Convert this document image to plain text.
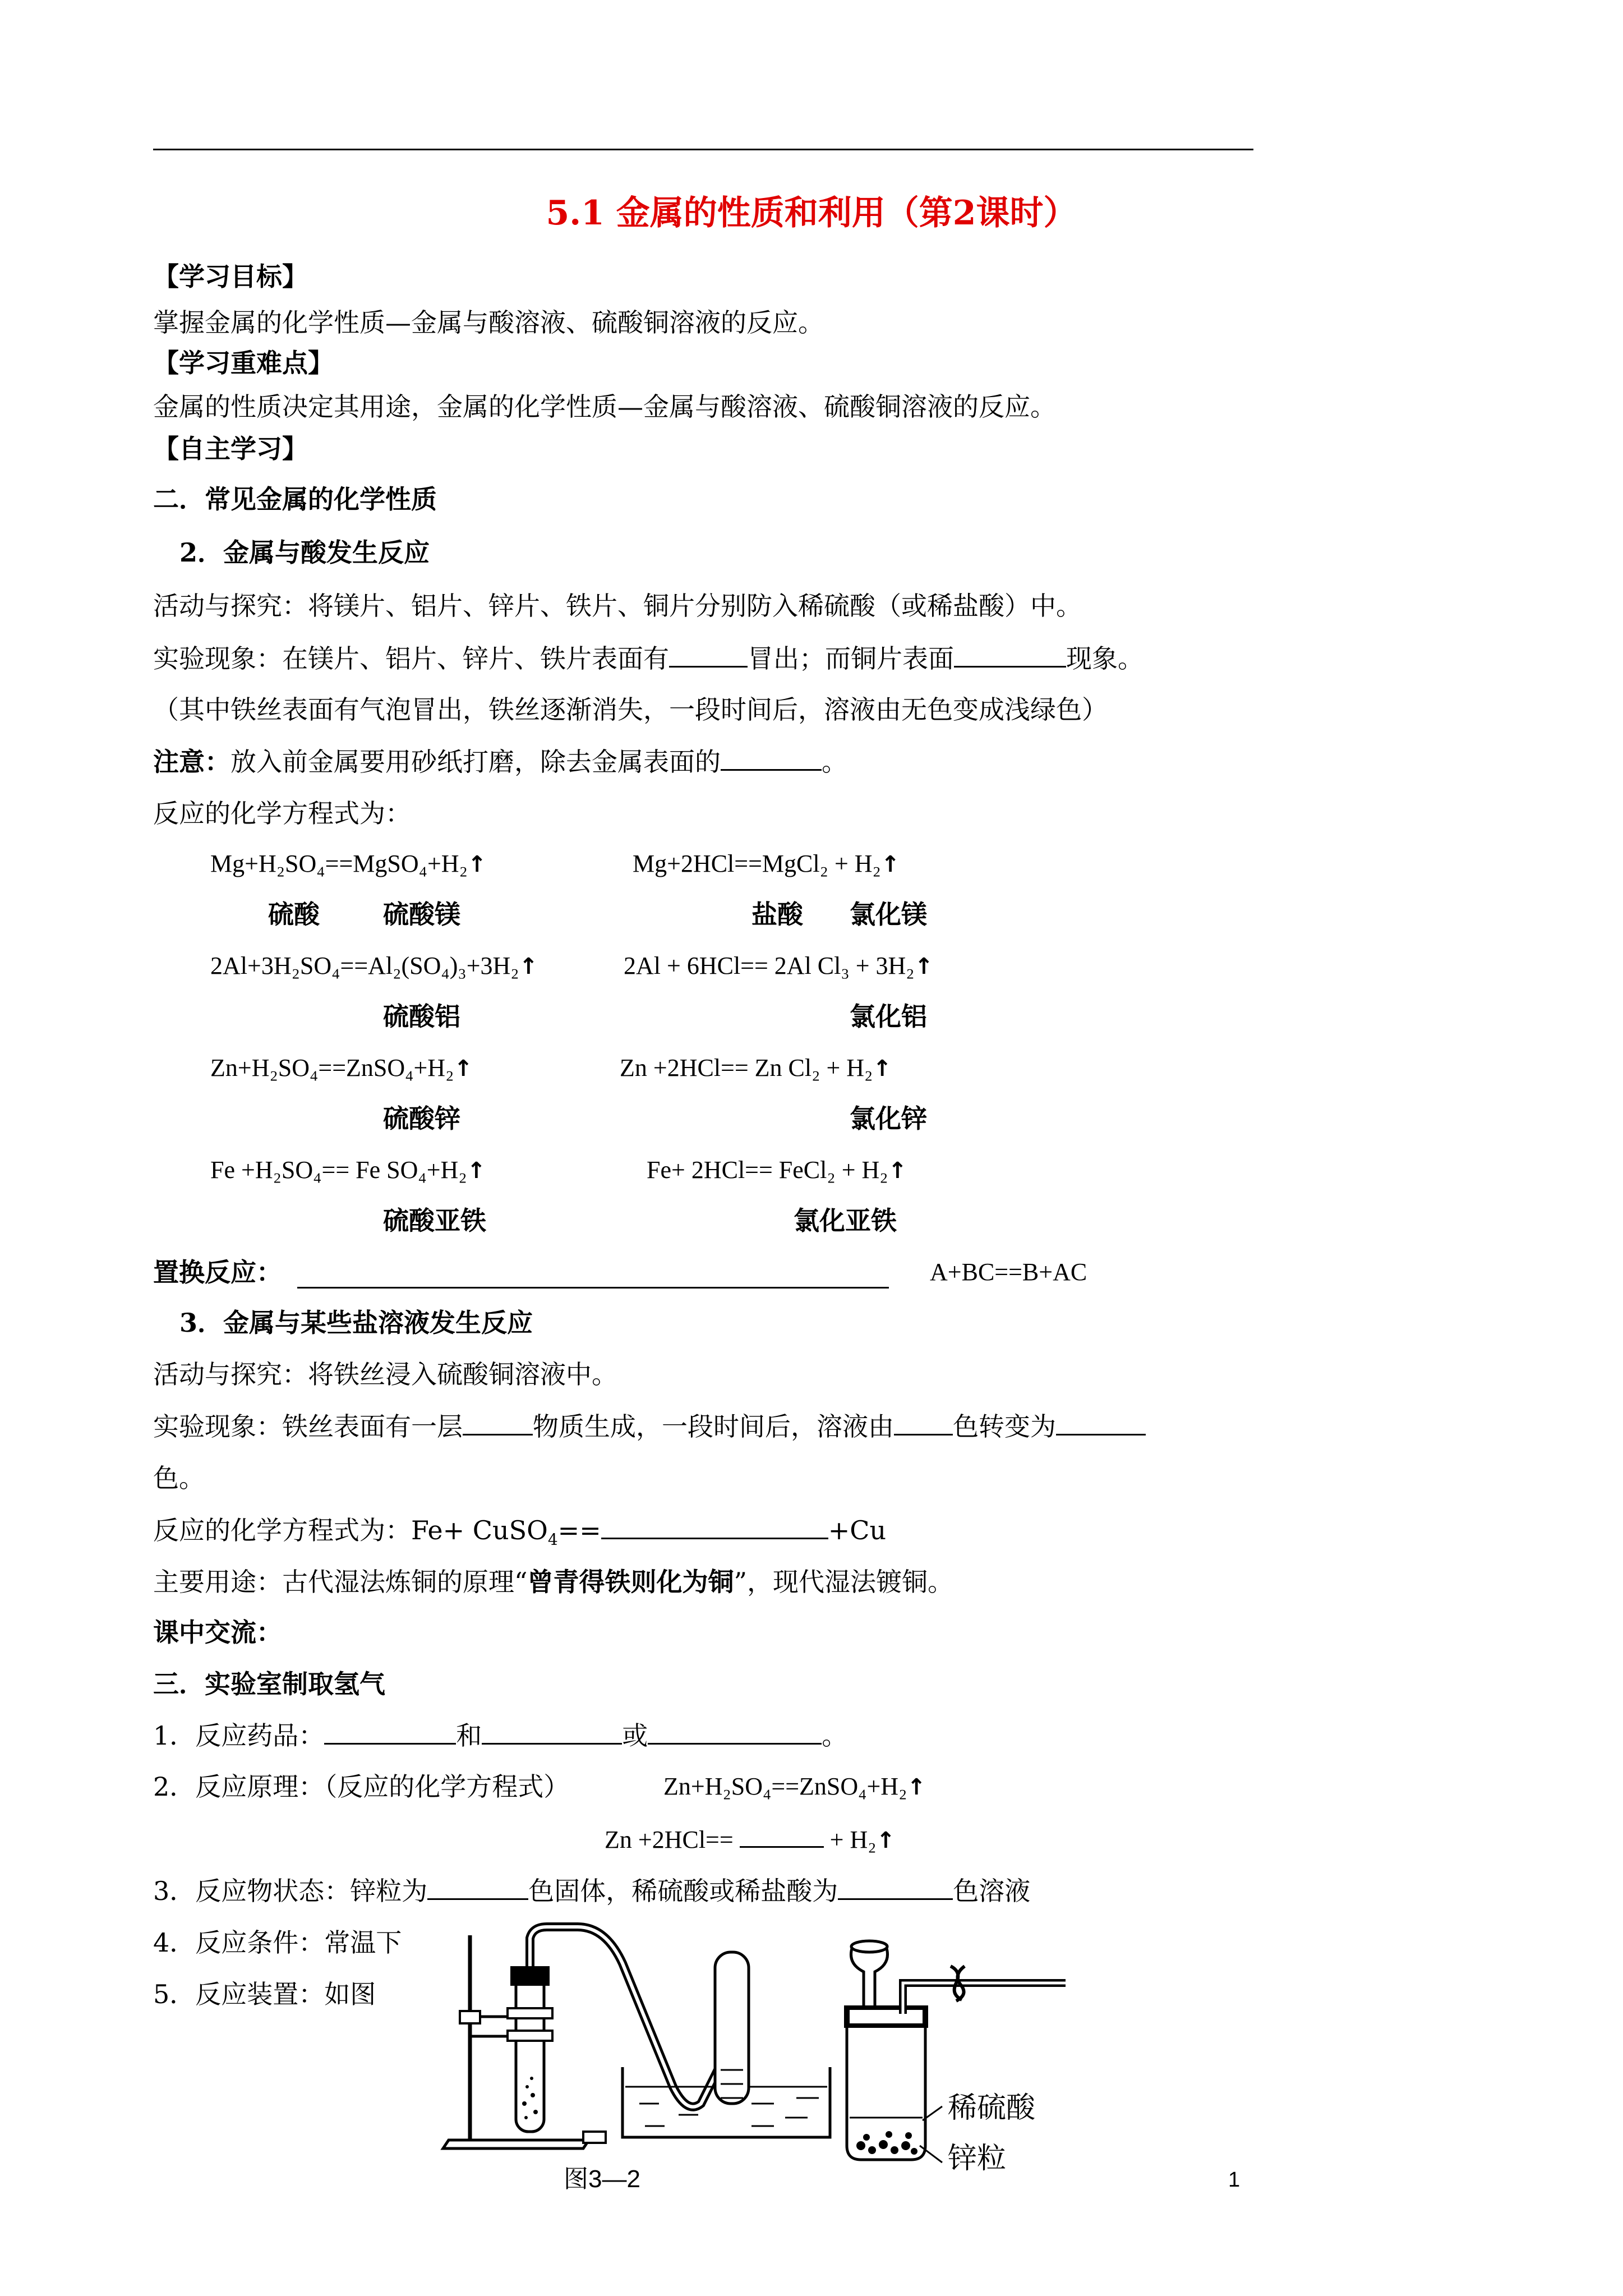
5.1 金属的性质和利用（第2课时）
【学习目标】
掌握金属的化学性质—金属与酸溶液、硫酸铜溶液的反应。
【学习重难点】
金属的性质决定其用途，金属的化学性质—金属与酸溶液、硫酸铜溶液的反应。
【自主学习】
二．常见金属的化学性质
2．金属与酸发生反应
活动与探究：将镁片、铝片、锌片、铁片、铜片分别防入稀硫酸（或稀盐酸）中。
实验现象：在镁片、铝片、锌片、铁片表面有	冒出；而铜片表面	现象。
（其中铁丝表面有气泡冒出，铁丝逐渐消失，一段时间后，溶液由无色变成浅绿色）
注意：放入前金属要用砂纸打磨，除去金属表面的	。
反应的化学方程式为：
Mg+H₂SO₄==MgSO₄+H₂↑	Mg+2HCl==MgCl₂ + H₂↑
硫酸 硫酸镁	盐酸 氯化镁
2Al+3H₂SO₄==Al₂(SO₄)₃+3H₂↑	2Al + 6HCl== 2Al Cl₃ + 3H₂↑
硫酸铝	氯化铝
Zn+H₂SO₄==ZnSO₄+H₂↑	Zn +2HCl== Zn Cl₂ + H₂↑
硫酸锌	氯化锌
Fe +H₂SO₄== Fe SO₄+H₂↑	Fe+ 2HCl== FeCl₂ + H₂↑
硫酸亚铁	氯化亚铁
置换反应：	A+BC==B+AC
3．金属与某些盐溶液发生反应
活动与探究：将铁丝浸入硫酸铜溶液中。
实验现象：铁丝表面有一层	物质生成，一段时间后，溶液由 色转变为
色。
反应的化学方程式为：Fe+ CuSO$_4$==	+Cu
主要用途：古代湿法炼铜的原理“曾青得铁则化为铜”，现代湿法镀铜。
课中交流：
三．实验室制取氢气
1．反应药品：	和	或	。
2．反应原理：（反应的化学方程式）	Zn+H₂SO₄==ZnSO₄+H₂↑
Zn +2HCl==	+ H₂↑
3．反应物状态：锌粒为	色固体，稀硫酸或稀盐酸为	色溶液
4．反应条件：常温下
5．反应装置：如图
图3—2
稀硫酸
锌粒
1
